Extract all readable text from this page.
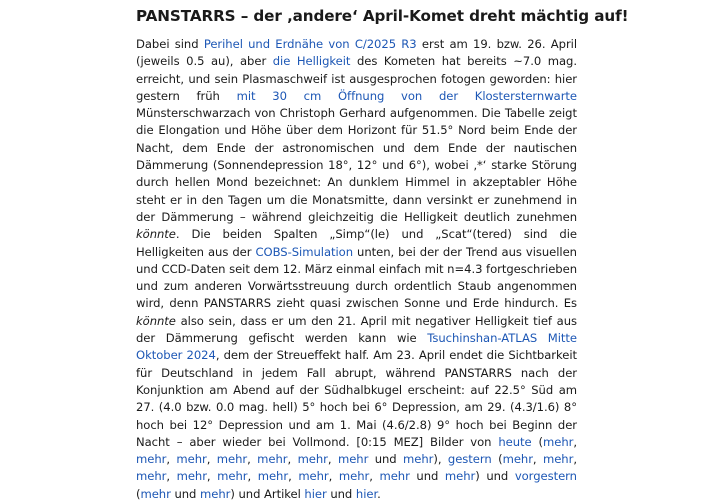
PANSTARRS – der ‚andere‘ April-Komet dreht mächtig auf!

Dabei sind Perihel und Erdnähe von C/2025 R3 erst am 19. bzw. 26. April (jeweils 0.5 au), aber die Helligkeit des Kometen hat bereits ~7.0 mag. erreicht, und sein Plasmaschweif ist ausgesprochen fotogen geworden: hier gestern früh mit 30 cm Öffnung von der Klostersternwarte Münsterschwarzach von Christoph Gerhard aufgenommen. Die Tabelle zeigt die Elongation und Höhe über dem Horizont für 51.5° Nord beim Ende der Nacht, dem Ende der astronomischen und dem Ende der nautischen Dämmerung (Sonnendepression 18°, 12° und 6°), wobei ‚*‘ starke Störung durch hellen Mond bezeichnet: An dunklem Himmel in akzeptabler Höhe steht er in den Tagen um die Monatsmitte, dann versinkt er zunehmend in der Dämmerung – während gleichzeitig die Helligkeit deutlich zunehmen könnte. Die beiden Spalten „Simp“(le) und „Scat“(tered) sind die Helligkeiten aus der COBS-Simulation unten, bei der der Trend aus visuellen und CCD-Daten seit dem 12. März einmal einfach mit n=4.3 fortgeschrieben und zum anderen Vorwärtsstreuung durch ordentlich Staub angenommen wird, denn PANSTARRS zieht quasi zwischen Sonne und Erde hindurch. Es könnte also sein, dass er um den 21. April mit negativer Helligkeit tief aus der Dämmerung gefischt werden kann wie Tsuchinshan-ATLAS Mitte Oktober 2024, dem der Streueffekt half. Am 23. April endet die Sichtbarkeit für Deutschland in jedem Fall abrupt, während PANSTARRS nach der Konjunktion am Abend auf der Südhalbkugel erscheint: auf 22.5° Süd am 27. (4.0 bzw. 0.0 mag. hell) 5° hoch bei 6° Depression, am 29. (4.3/1.6) 8° hoch bei 12° Depression und am 1. Mai (4.6/2.8) 9° hoch bei Beginn der Nacht – aber wieder bei Vollmond. [0:15 MEZ] Bilder von heute (mehr, mehr, mehr, mehr, mehr, mehr, mehr und mehr), gestern (mehr, mehr, mehr, mehr, mehr, mehr, mehr, mehr, mehr und mehr) und vorgestern (mehr und mehr) und Artikel hier und hier.
